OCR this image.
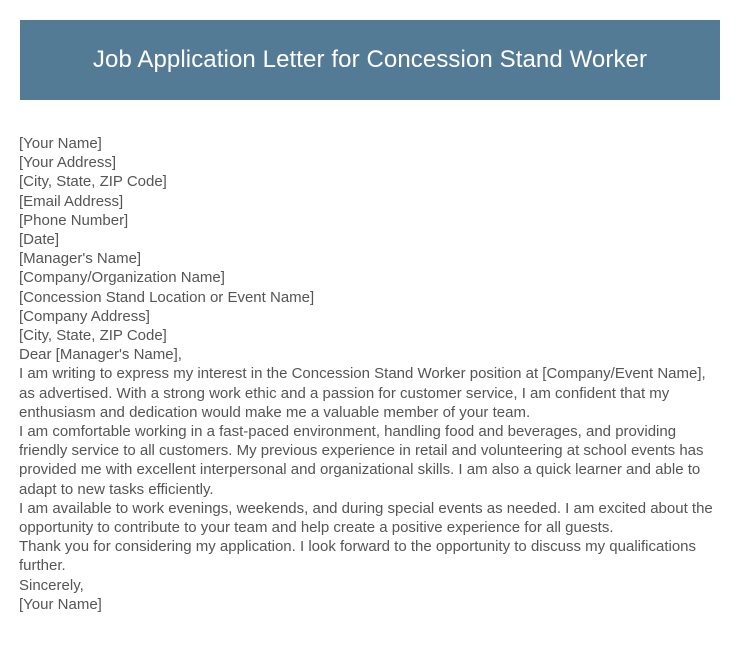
Job Application Letter for Concession Stand Worker
[Your Name]
[Your Address]
[City, State, ZIP Code]
[Email Address]
[Phone Number]
[Date]
[Manager's Name]
[Company/Organization Name]
[Concession Stand Location or Event Name]
[Company Address]
[City, State, ZIP Code]
Dear [Manager's Name],
I am writing to express my interest in the Concession Stand Worker position at [Company/Event Name], as advertised. With a strong work ethic and a passion for customer service, I am confident that my enthusiasm and dedication would make me a valuable member of your team.
I am comfortable working in a fast-paced environment, handling food and beverages, and providing friendly service to all customers. My previous experience in retail and volunteering at school events has provided me with excellent interpersonal and organizational skills. I am also a quick learner and able to adapt to new tasks efficiently.
I am available to work evenings, weekends, and during special events as needed. I am excited about the opportunity to contribute to your team and help create a positive experience for all guests.
Thank you for considering my application. I look forward to the opportunity to discuss my qualifications further.
Sincerely,
[Your Name]
